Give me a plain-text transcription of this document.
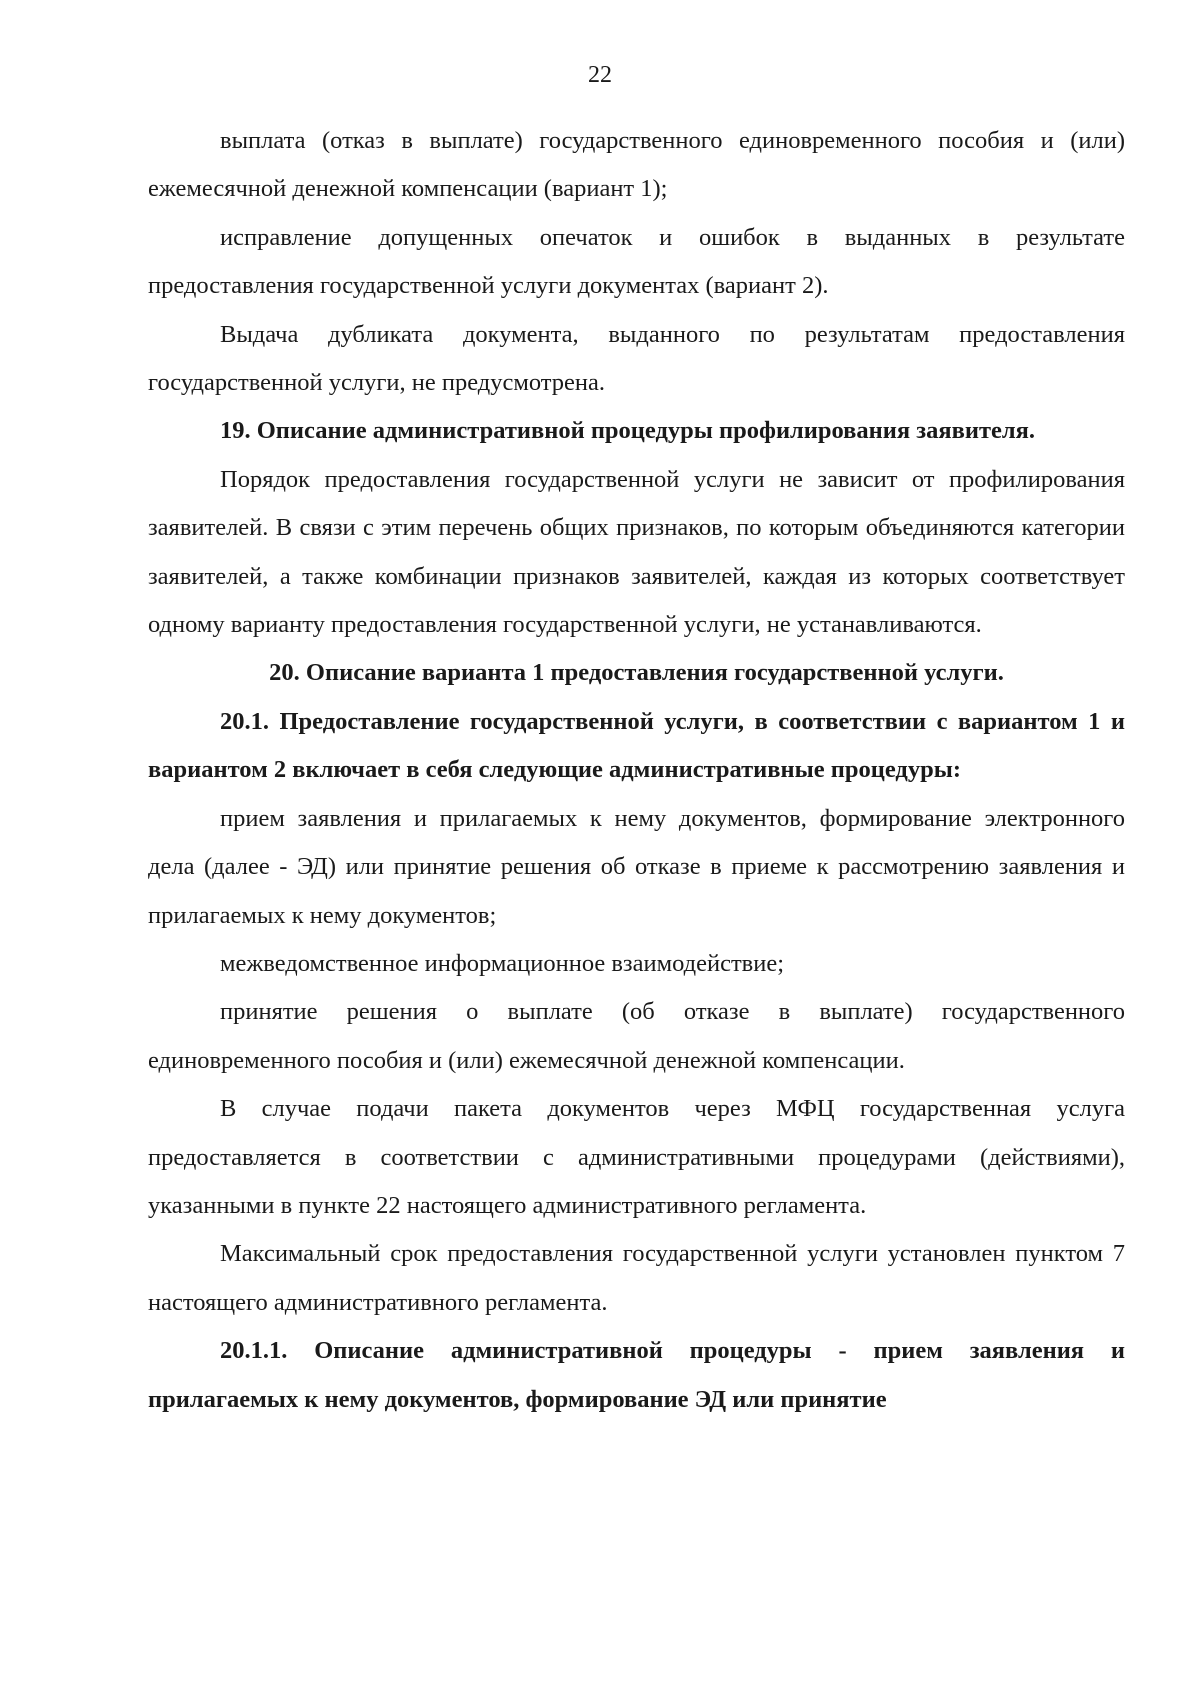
22

выплата (отказ в выплате) государственного единовременного пособия и (или) ежемесячной денежной компенсации (вариант 1);

исправление допущенных опечаток и ошибок в выданных в результате предоставления государственной услуги документах (вариант 2).

Выдача дубликата документа, выданного по результатам предоставления государственной услуги, не предусмотрена.

19. Описание административной процедуры профилирования заявителя.

Порядок предоставления государственной услуги не зависит от профилирования заявителей. В связи с этим перечень общих признаков, по которым объединяются категории заявителей, а также комбинации признаков заявителей, каждая из которых соответствует одному варианту предоставления государственной услуги, не устанавливаются.

20. Описание варианта 1 предоставления государственной услуги.

20.1. Предоставление государственной услуги, в соответствии с вариантом 1 и вариантом 2 включает в себя следующие административные процедуры:

прием заявления и прилагаемых к нему документов, формирование электронного дела (далее - ЭД) или принятие решения об отказе в приеме к рассмотрению заявления и прилагаемых к нему документов;

межведомственное информационное взаимодействие;

принятие решения о выплате (об отказе в выплате) государственного единовременного пособия и (или) ежемесячной денежной компенсации.

В случае подачи пакета документов через МФЦ государственная услуга предоставляется в соответствии с административными процедурами (действиями), указанными в пункте 22 настоящего административного регламента.

Максимальный срок предоставления государственной услуги установлен пунктом 7 настоящего административного регламента.

20.1.1. Описание административной процедуры - прием заявления и прилагаемых к нему документов, формирование ЭД или принятие
